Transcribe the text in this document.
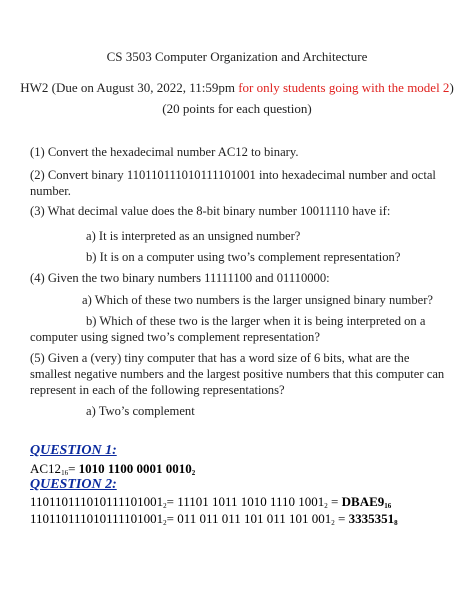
CS 3503 Computer Organization and Architecture
HW2 (Due on August 30, 2022, 11:59pm for only students going with the model 2)
(20 points for each question)
(1) Convert the hexadecimal number AC12 to binary.
(2) Convert binary 110110111010111101001 into hexadecimal number and octal
number.
(3) What decimal value does the 8-bit binary number 10011110 have if:
a) It is interpreted as an unsigned number?
b) It is on a computer using two’s complement representation?
(4) Given the two binary numbers 11111100 and 01110000:
a) Which of these two numbers is the larger unsigned binary number?
b) Which of these two is the larger when it is being interpreted on a
computer using signed two’s complement representation?
(5) Given a (very) tiny computer that has a word size of 6 bits, what are the
smallest negative numbers and the largest positive numbers that this computer can
represent in each of the following representations?
a) Two’s complement
QUESTION 1:
$AC12_{16}= 1010$ 1100 0001 $0010_2$
QUESTION 2:
$110110111010111101001_2= 11101$ 1011 1010 1110 $1001_2$ = $DBAE9_{16}$
$110110111010111101001_2= 011$ 011 011 101 011 101 $001_2 = 3335351_8$
